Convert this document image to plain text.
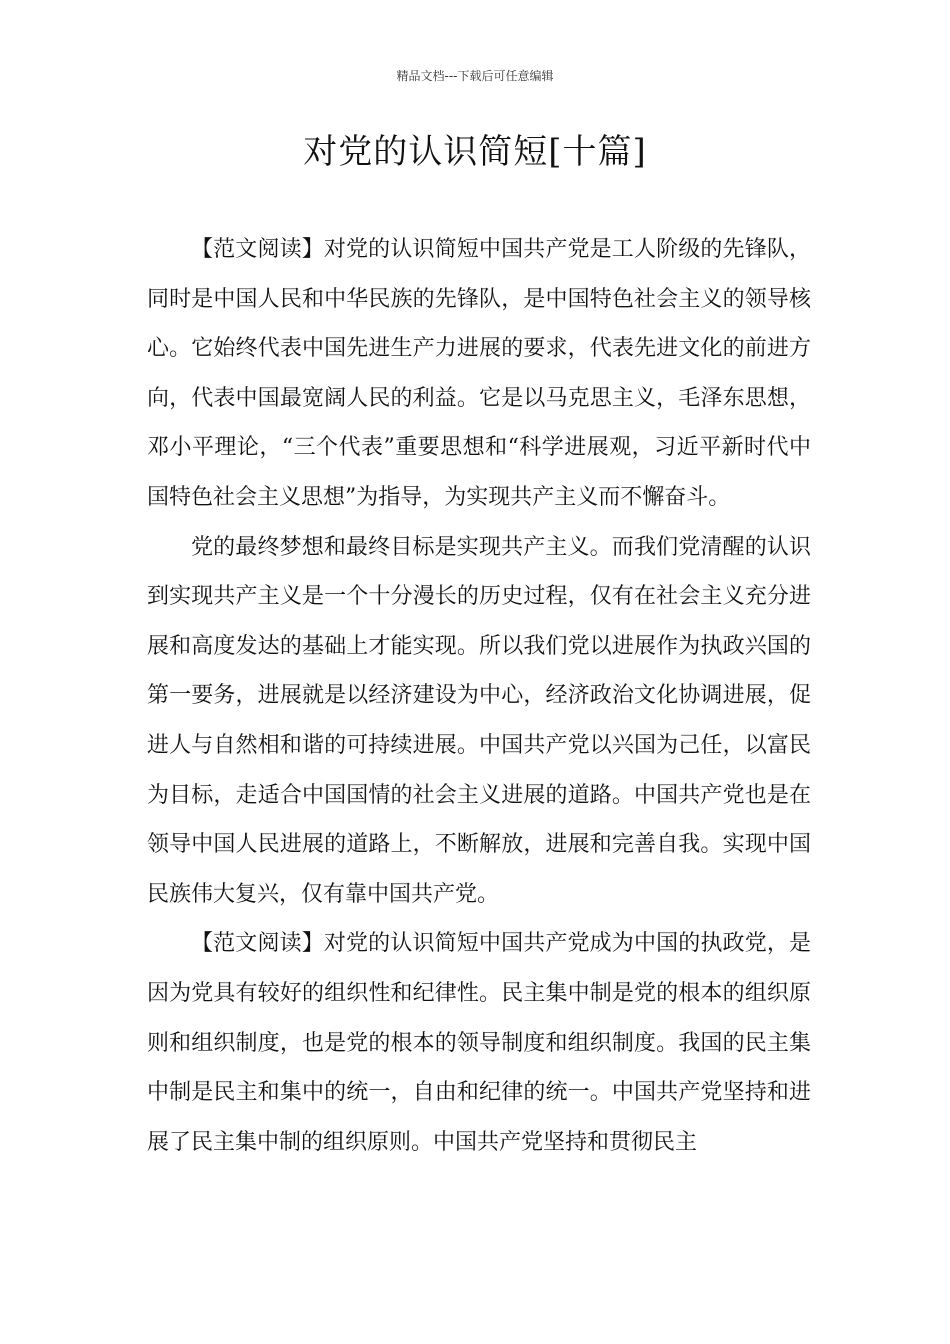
精品文档---下载后可任意编辑
对党的认识简短[十篇]

【范文阅读】对党的认识简短中国共产党是工人阶级的先锋队，同时是中国人民和中华民族的先锋队，是中国特色社会主义的领导核心。它始终代表中国先进生产力进展的要求，代表先进文化的前进方向，代表中国最宽阔人民的利益。它是以马克思主义，毛泽东思想，邓小平理论，“三个代表”重要思想和“科学进展观，习近平新时代中国特色社会主义思想”为指导，为实现共产主义而不懈奋斗。

党的最终梦想和最终目标是实现共产主义。而我们党清醒的认识到实现共产主义是一个十分漫长的历史过程，仅有在社会主义充分进展和高度发达的基础上才能实现。所以我们党以进展作为执政兴国的第一要务，进展就是以经济建设为中心，经济政治文化协调进展，促进人与自然相和谐的可持续进展。中国共产党以兴国为己任，以富民为目标，走适合中国国情的社会主义进展的道路。中国共产党也是在领导中国人民进展的道路上，不断解放，进展和完善自我。实现中国民族伟大复兴，仅有靠中国共产党。

【范文阅读】对党的认识简短中国共产党成为中国的执政党，是因为党具有较好的组织性和纪律性。民主集中制是党的根本的组织原则和组织制度，也是党的根本的领导制度和组织制度。我国的民主集中制是民主和集中的统一，自由和纪律的统一。中国共产党坚持和进展了民主集中制的组织原则。中国共产党坚持和贯彻民主
